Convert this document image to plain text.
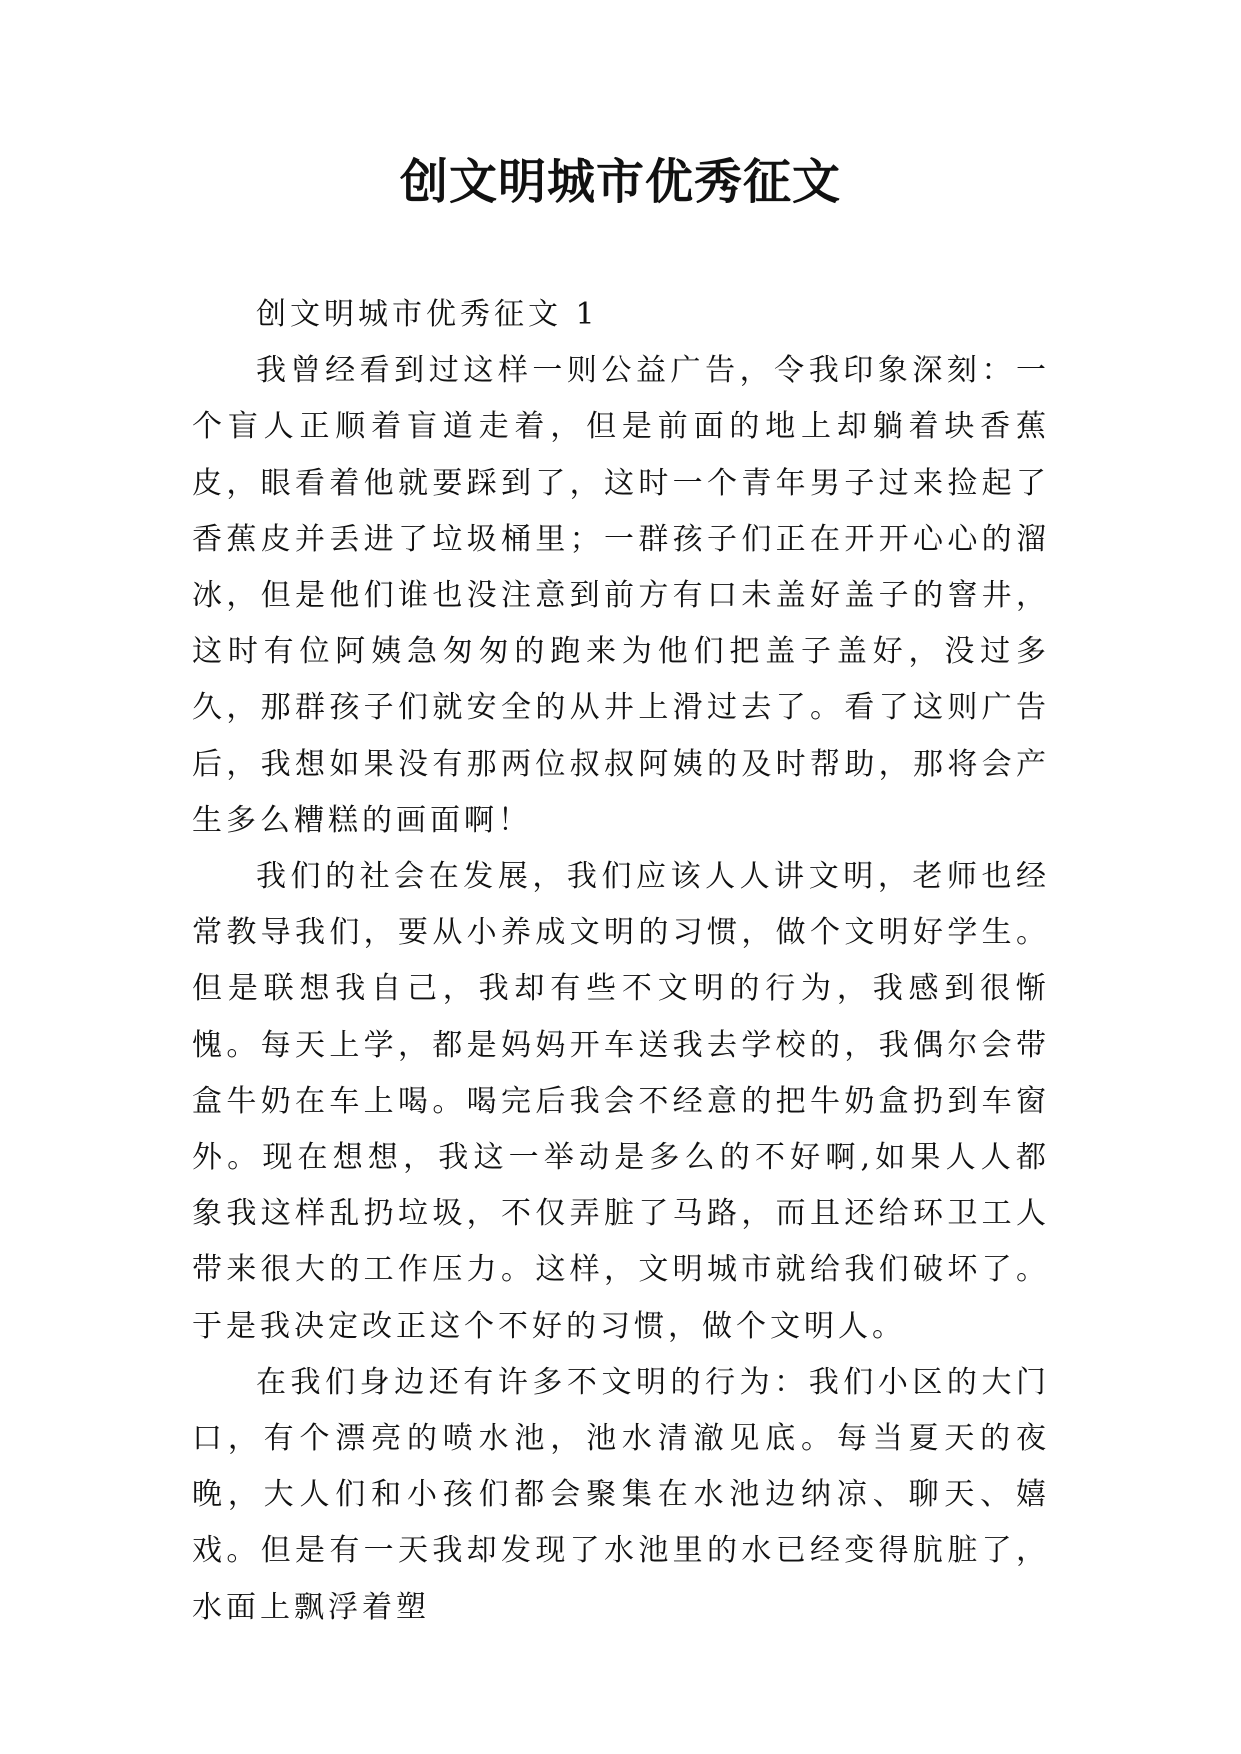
创文明城市优秀征文

创文明城市优秀征文 1

我曾经看到过这样一则公益广告，令我印象深刻：一个盲人正顺着盲道走着，但是前面的地上却躺着块香蕉皮，眼看着他就要踩到了，这时一个青年男子过来捡起了香蕉皮并丢进了垃圾桶里；一群孩子们正在开开心心的溜冰，但是他们谁也没注意到前方有口未盖好盖子的窨井，这时有位阿姨急匆匆的跑来为他们把盖子盖好，没过多久，那群孩子们就安全的从井上滑过去了。看了这则广告后，我想如果没有那两位叔叔阿姨的及时帮助，那将会产生多么糟糕的画面啊！

我们的社会在发展，我们应该人人讲文明，老师也经常教导我们，要从小养成文明的习惯，做个文明好学生。但是联想我自己，我却有些不文明的行为，我感到很惭愧。每天上学，都是妈妈开车送我去学校的，我偶尔会带盒牛奶在车上喝。喝完后我会不经意的把牛奶盒扔到车窗外。现在想想，我这一举动是多么的不好啊,如果人人都象我这样乱扔垃圾，不仅弄脏了马路，而且还给环卫工人带来很大的工作压力。这样，文明城市就给我们破坏了。于是我决定改正这个不好的习惯，做个文明人。

在我们身边还有许多不文明的行为：我们小区的大门口，有个漂亮的喷水池，池水清澈见底。每当夏天的夜晚，大人们和小孩们都会聚集在水池边纳凉、聊天、嬉戏。但是有一天我却发现了水池里的水已经变得肮脏了，水面上飘浮着塑
